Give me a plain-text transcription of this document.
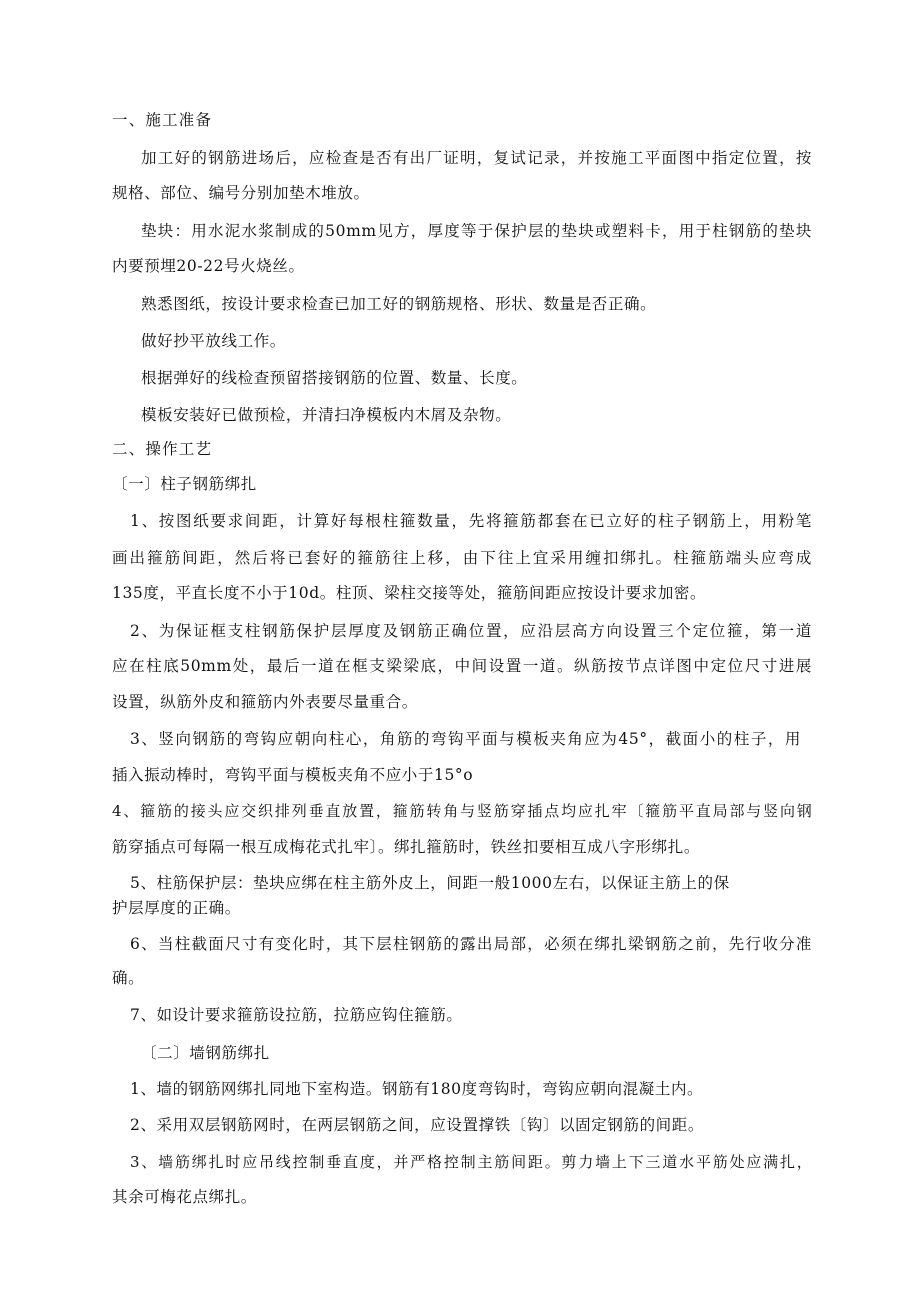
一、施工准备

加工好的钢筋进场后，应检查是否有出厂证明，复试记录，并按施工平面图中指定位置，按

规格、部位、编号分别加垫木堆放。

垫块：用水泥水浆制成的50mm见方，厚度等于保护层的垫块或塑料卡，用于柱钢筋的垫块

内要预埋20-22号火烧丝。

熟悉图纸，按设计要求检查已加工好的钢筋规格、形状、数量是否正确。

做好抄平放线工作。

根据弹好的线检查预留搭接钢筋的位置、数量、长度。

模板安装好已做预检，并清扫净模板内木屑及杂物。

二、操作工艺

〔一〕柱子钢筋绑扎

1、按图纸要求间距，计算好每根柱箍数量，先将箍筋都套在已立好的柱子钢筋上，用粉笔

画出箍筋间距，然后将已套好的箍筋往上移，由下往上宜采用缠扣绑扎。柱箍筋端头应弯成

135度，平直长度不小于10d。柱顶、梁柱交接等处，箍筋间距应按设计要求加密。

2、为保证框支柱钢筋保护层厚度及钢筋正确位置，应沿层高方向设置三个定位箍，第一道

应在柱底50mm处，最后一道在框支梁梁底，中间设置一道。纵筋按节点详图中定位尺寸进展

设置，纵筋外皮和箍筋内外表要尽量重合。

3、竖向钢筋的弯钩应朝向柱心，角筋的弯钩平面与模板夹角应为45°，截面小的柱子，用

插入振动棒时，弯钩平面与模板夹角不应小于15°o

4、箍筋的接头应交织排列垂直放置，箍筋转角与竖筋穿插点均应扎牢〔箍筋平直局部与竖向钢

筋穿插点可每隔一根互成梅花式扎牢〕。绑扎箍筋时，铁丝扣要相互成八字形绑扎。

5、柱筋保护层：垫块应绑在柱主筋外皮上，间距一般1000左右，以保证主筋上的保

护层厚度的正确。

6、当柱截面尺寸有变化时，其下层柱钢筋的露出局部，必须在绑扎梁钢筋之前，先行收分准

确。

7、如设计要求箍筋设拉筋，拉筋应钩住箍筋。

〔二〕墙钢筋绑扎

1、墙的钢筋网绑扎同地下室构造。钢筋有180度弯钩时，弯钩应朝向混凝土内。

2、采用双层钢筋网时，在两层钢筋之间，应设置撑铁〔钩〕以固定钢筋的间距。

3、墙筋绑扎时应吊线控制垂直度，并严格控制主筋间距。剪力墙上下三道水平筋处应满扎，

其余可梅花点绑扎。
